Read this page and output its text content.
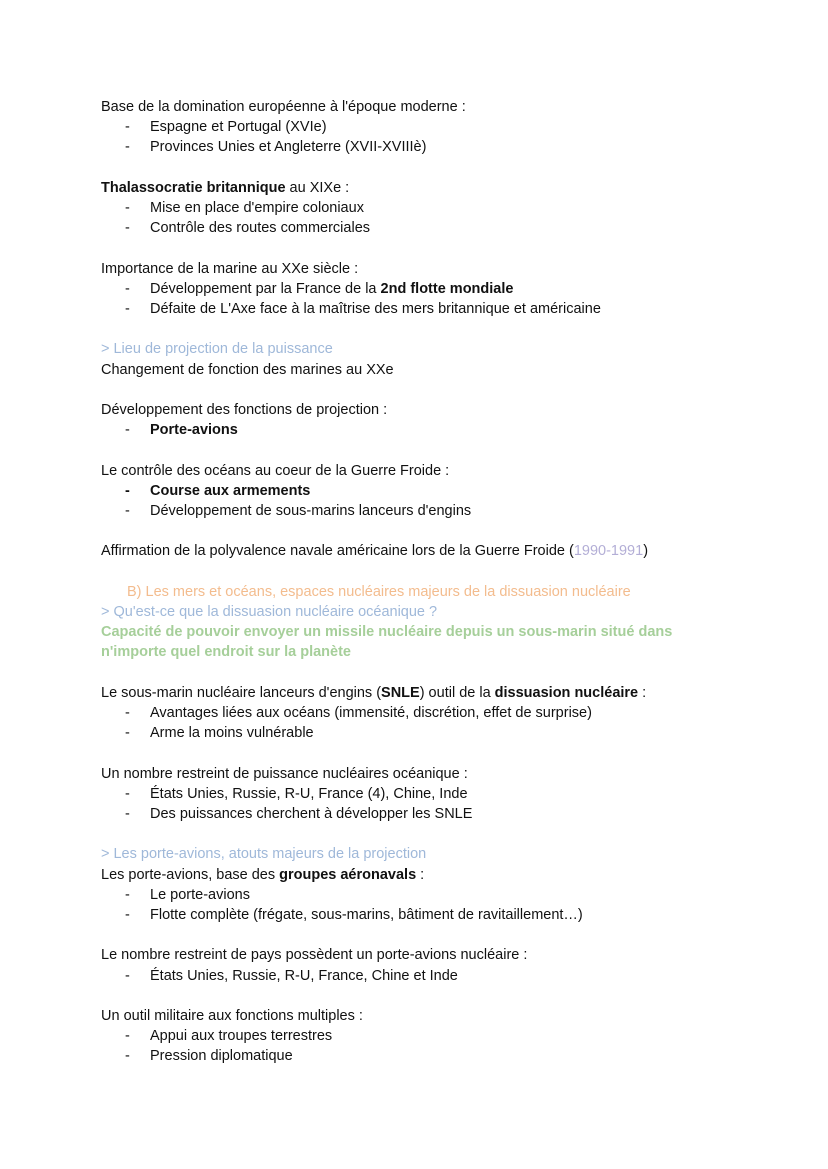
Base de la domination européenne à l'époque moderne :

- Espagne et Portugal (XVIe)
- Provinces Unies et Angleterre (XVII-XVIIIè)

Thalassocratie britannique au XIXe :

- Mise en place d'empire coloniaux
- Contrôle des routes commerciales

Importance de la marine au XXe siècle :

- Développement par la France de la 2nd flotte mondiale
- Défaite de L'Axe face à la maîtrise des mers britannique et américaine

> Lieu de projection de la puissance

Changement de fonction des marines au XXe

Développement des fonctions de projection :

- Porte-avions

Le contrôle des océans au coeur de la Guerre Froide :

- Course aux armements
- Développement de sous-marins lanceurs d'engins

Affirmation de la polyvalence navale américaine lors de la Guerre Froide (1990-1991)

B) Les mers et océans, espaces nucléaires majeurs de la dissuasion nucléaire

> Qu'est-ce que la dissuasion nucléaire océanique ?

Capacité de pouvoir envoyer un missile nucléaire depuis un sous-marin situé dans n'importe quel endroit sur la planète

Le sous-marin nucléaire lanceurs d'engins (SNLE) outil de la dissuasion nucléaire :

- Avantages liées aux océans (immensité, discrétion, effet de surprise)
- Arme la moins vulnérable

Un nombre restreint de puissance nucléaires océanique :

- États Unies, Russie, R-U, France (4), Chine, Inde
- Des puissances cherchent à développer les SNLE

> Les porte-avions, atouts majeurs de la projection

Les porte-avions, base des groupes aéronavals :

- Le porte-avions
- Flotte complète (frégate, sous-marins, bâtiment de ravitaillement…)

Le nombre restreint de pays possèdent un porte-avions nucléaire :

- États Unies, Russie, R-U, France, Chine et Inde

Un outil militaire aux fonctions multiples :

- Appui aux troupes terrestres
- Pression diplomatique
